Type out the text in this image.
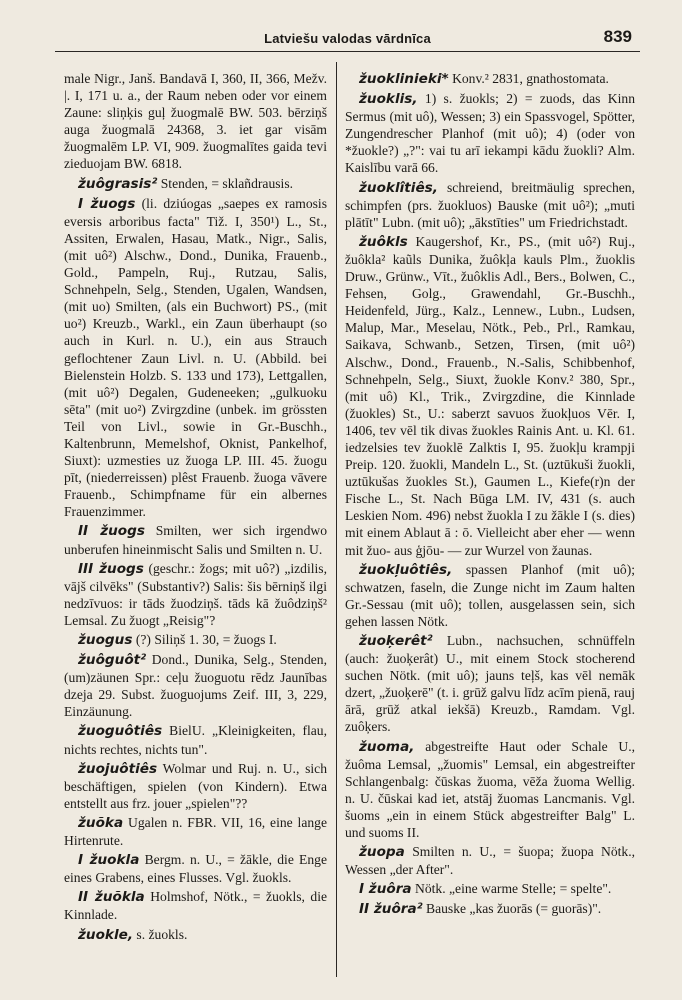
Latviešu valodas vārdnīca	839

male Nigr., Janš. Bandavā I, 360, II, 366, Mežv. |. I, 171 u. a., der Raum neben oder vor einem Zaune: sliņķis guļ žuogmalē BW. 503. bērziņš auga žuogmalā 24368, 3. iet gar visām žuogmalēm LP. VI, 909. žuogmalītes gaida tevi zieduojam BW. 6818.

žuôgrasis² Stenden, = sklañdrausis.

I žuogs (li. dziúogas „saepes ex ramosis eversis arboribus facta" Tiž. I, 350¹) L., St., Assiten, Erwalen, Hasau, Matk., Nigr., Salis, (mit uô²) Alschw., Dond., Dunika, Frauenb., Gold., Pampeln, Ruj., Rutzau, Salis, Schnehpeln, Selg., Stenden, Ugalen, Wandsen, (mit uo) Smilten, (als ein Buchwort) PS., (mit uo²) Kreuzb., Warkl., ein Zaun überhaupt (so auch in Kurl. n. U.), ein aus Strauch geflochtener Zaun Livl. n. U. (Abbild. bei Bielenstein Holzb. S. 133 und 173), Lettgallen, (mit uô²) Degalen, Gudeneeken; „gulkuoku sēta" (mit uo²) Zvirgzdine (unbek. im grössten Teil von Livl., sowie in Gr.-Buschh., Kaltenbrunn, Memelshof, Oknist, Pankelhof, Siuxt): uzmesties uz žuoga LP. III. 45. žuogu pīt, (niederreissen) plêst Frauenb. žuoga vāvere Frauenb., Schimpfname für ein albernes Frauenzimmer.

II žuogs Smilten, wer sich irgendwo unberufen hineinmischt Salis und Smilten n. U.

III žuogs (geschr.: žogs; mit uô?) „izdilis, vājš cilvēks" (Substantiv?) Salis: šis bērniņš ilgi nedzīvuos: ir tāds žuodziņš. tāds kā žuôdziņš² Lemsal. Zu žuogt „Reisig"?

žuogus (?) Siliņš 1. 30, = žuogs I.

žuôguôt² Dond., Dunika, Selg., Stenden, (um)zäunen Spr.: ceļu žuoguotu rēdz Jaunības dzeja 29. Subst. žuoguojums Zeif. III, 3, 229, Einzäunung.

žuoguôtiês BielU. „Kleinigkeiten, flau, nichts rechtes, nichts tun".

žuojuôtiês Wolmar und Ruj. n. U., sich beschäftigen, spielen (von Kindern). Etwa entstellt aus frz. jouer „spielen"??

žuõka Ugalen n. FBR. VII, 16, eine lange Hirtenrute.

I žuokla Bergm. n. U., = žākle, die Enge eines Grabens, eines Flusses. Vgl. žuokls.

II žuõkla Holmshof, Nötk., = žuokls, die Kinnlade.

žuokle, s. žuokls.

žuoklinieki* Konv.² 2831, gnathostomata.

žuoklis, 1) s. žuokls; 2) = zuods, das Kinn Sermus (mit uô), Wessen; 3) ein Spassvogel, Spötter, Zungendrescher Planhof (mit uô); 4) (oder von *žuokle?) „?": vai tu arī iekampi kādu žuokli? Alm. Kaislību varā 66.

žuoklîtiês, schreiend, breitmäulig sprechen, schimpfen (prs. žuokluos) Bauske (mit uô²); „muti plātīt" Lubn. (mit uô); „ākstīties" um Friedrichstadt.

žuôkls Kaugershof, Kr., PS., (mit uô²) Ruj., žuôkla² kaũls Dunika, žuôkļa kauls Plm., žuoklis Druw., Grünw., Vīt., žuôklis Adl., Bers., Bolwen, C., Fehsen, Golg., Grawendahl, Gr.-Buschh., Heidenfeld, Jürg., Kalz., Lennew., Lubn., Ludsen, Malup, Mar., Meselau, Nötk., Peb., Prl., Ramkau, Saikava, Schwanb., Setzen, Tirsen, (mit uô²) Alschw., Dond., Frauenb., N.-Salis, Schibbenhof, Schnehpeln, Selg., Siuxt, žuokle Konv.² 380, Spr., (mit uô) Kl., Trik., Zvirgzdine, die Kinnlade (žuokles) St., U.: saberzt savuos žuokļuos Vēr. I, 1406, tev vēl tik divas žuokles Rainis Ant. u. Kl. 61. iedzelsies tev žuoklē Zalktis I, 95. žuokļu krampji Preip. 120. žuokli, Mandeln L., St. (uztūkuši žuokli, uztūkušas žuokles St.), Gaumen L., Kiefe(r)n der Fische L., St. Nach Būga LM. IV, 431 (s. auch Leskien Nom. 496) nebst žuokla I zu žākle I (s. dies) mit einem Ablaut ā : ō. Vielleicht aber eher — wenn mit žuo- aus ģjōu- — zur Wurzel von žaunas.

žuokļuôtiês, spassen Planhof (mit uô); schwatzen, faseln, die Zunge nicht im Zaum halten Gr.-Sessau (mit uô); tollen, ausgelassen sein, sich gehen lassen Nötk.

žuoķerêt² Lubn., nachsuchen, schnüffeln (auch: žuoķerât) U., mit einem Stock stocherend suchen Nötk. (mit uô); jauns teļš, kas vēl nemāk dzert, „žuoķerē" (t. i. grūž galvu līdz acīm pienā, rauj ārā, grūž atkal iekšā) Kreuzb., Ramdam. Vgl. zuôķers.

žuoma, abgestreifte Haut oder Schale U., žuôma Lemsal, „žuomis" Lemsal, ein abgestreifter Schlangenbalg: čūskas žuoma, vēža žuoma Wellig. n. U. čūskai kad iet, atstāj žuomas Lancmanis. Vgl. šuoms „ein in einem Stück abgestreifter Balg" L. und suoms II.

žuopa Smilten n. U., = šuopa; žuopa Nötk., Wessen „der After".

I žuôra Nötk. „eine warme Stelle; = spelte".

II žuôra² Bauske „kas žuorās (= guorās)".
